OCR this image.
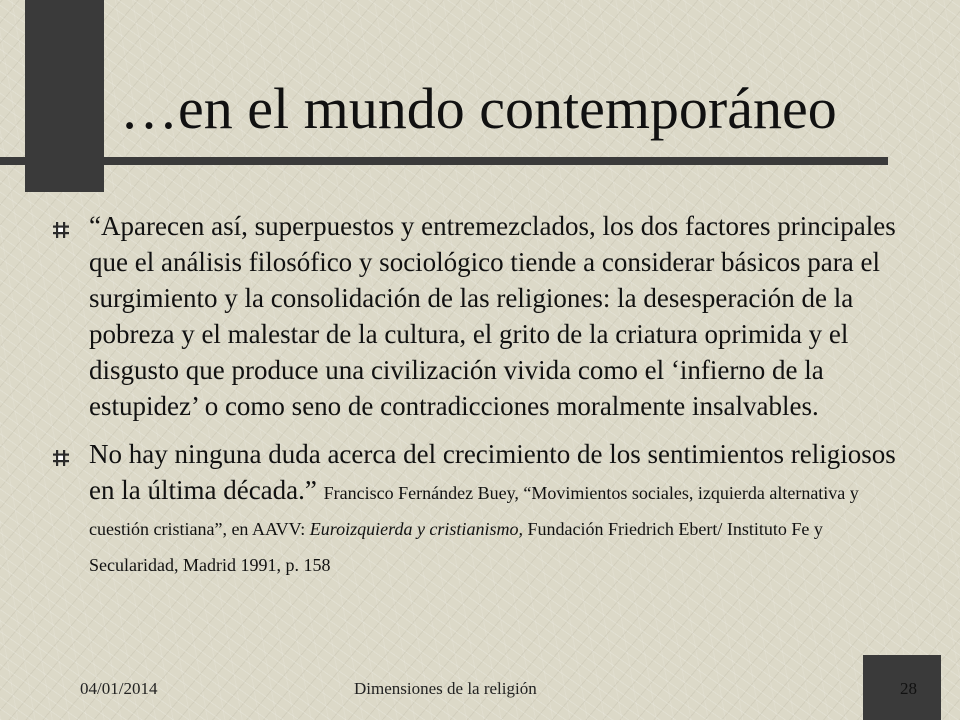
…en el mundo contemporáneo
“Aparecen así, superpuestos y entremezclados, los dos factores principales que el análisis filosófico y sociológico tiende a considerar básicos para el surgimiento y la consolidación de las religiones: la desesperación de la pobreza y el malestar de la cultura, el grito de la criatura oprimida y el disgusto que produce una civilización vivida como el ‘infierno de la estupidez’ o como seno de contradicciones moralmente insalvables.
No hay ninguna duda acerca del crecimiento de los sentimientos religiosos en la última década.” Francisco Fernández Buey, “Movimientos sociales, izquierda alternativa y cuestión cristiana”, en AAVV: Euroizquierda y cristianismo, Fundación Friedrich Ebert/ Instituto Fe y Secularidad, Madrid 1991, p. 158
04/01/2014	Dimensiones de la religión	28
